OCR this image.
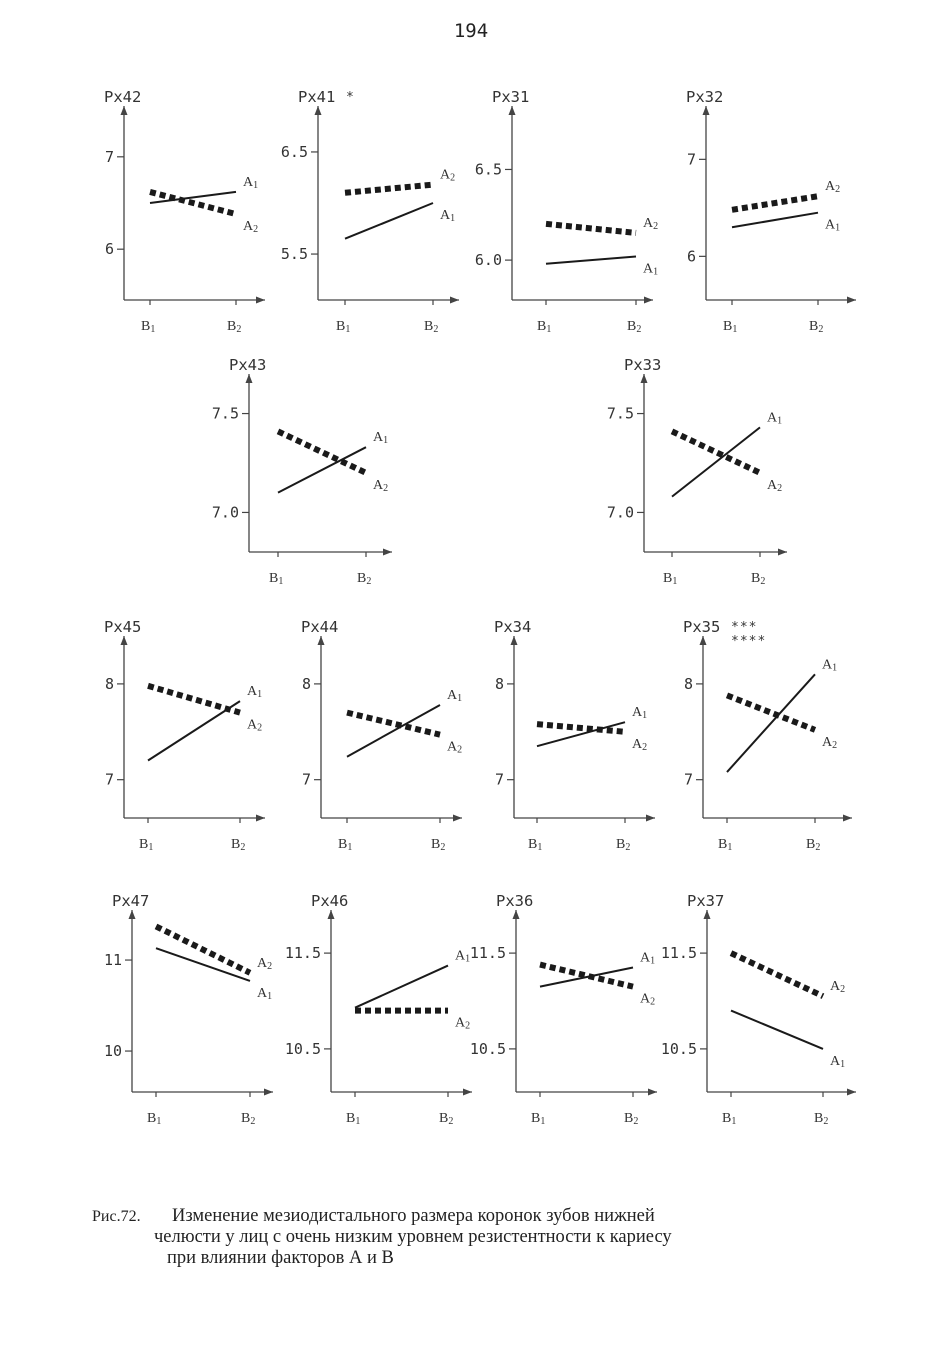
194
Px42
7
6
B1	B2
A1
A2
Px41 *
6.5
5.5
B1	B2
A1
A2
Px31
6.5
6.0
B1	B2
A1
A2
Px32
7
6
B1	B2
A1
A2
Px43
7.5
7.0
B1	B2
A1
A2
Px33
7.5
7.0
B1	B2
A1
A2
Px45
8
7
B1	B2
A1
A2
Px44
8
7
B1	B2
A1
A2
Px34
8
7
B1	B2
A1
A2
Px35 ***
****
8
7
B1	B2
A1
A2
Px47
11
10
B1	B2
A1
A2
Px46
11.5
10.5
B1	B2
A1
A2
Px36
11.5
10.5
B1	B2
A1
A2
Px37
11.5
10.5
B1	B2
A1
A2
Рис.72. Изменение мезиодистального размера коронок зубов нижней
челюсти у лиц с очень низким уровнем резистентности к кариесу
при влиянии факторов А и В
